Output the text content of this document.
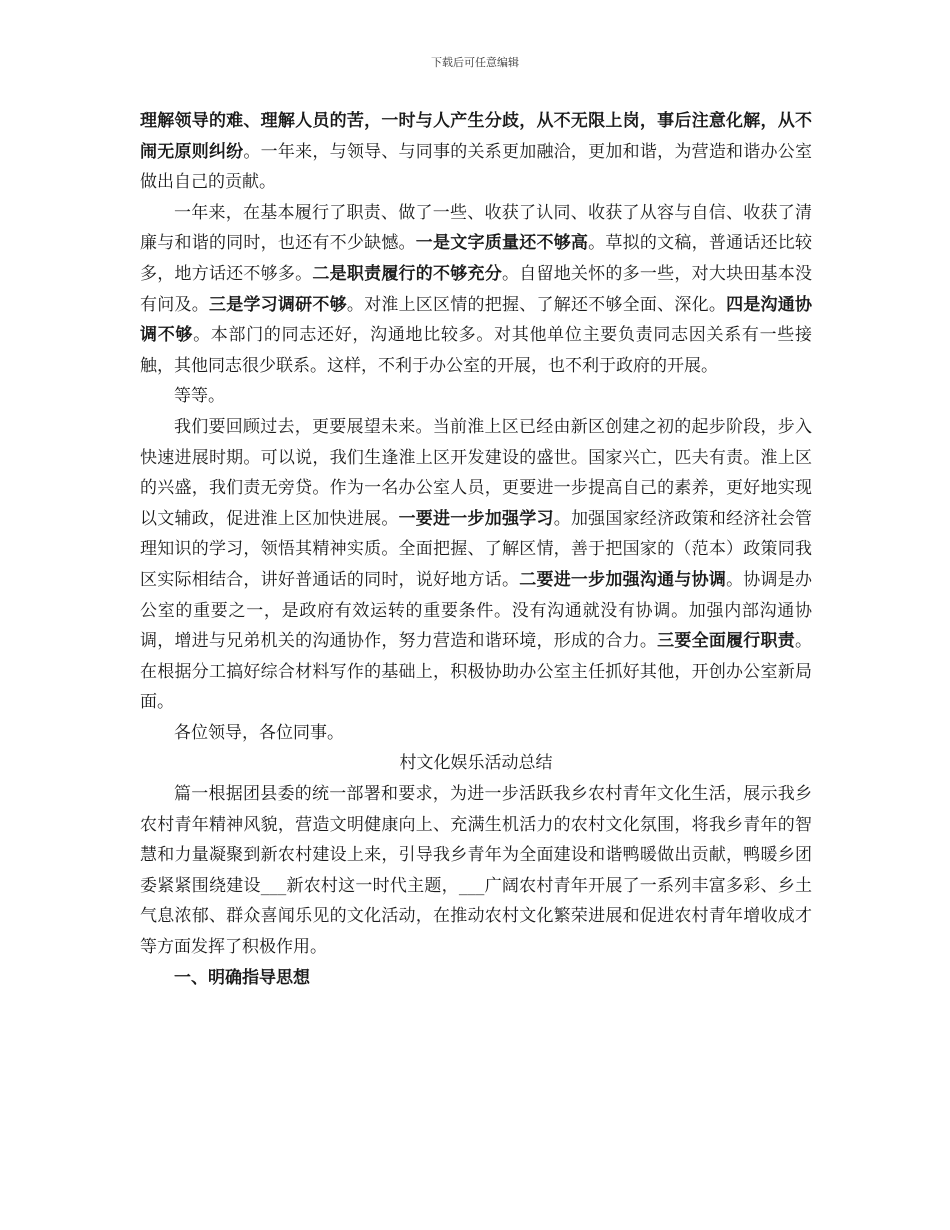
下载后可任意编辑

理解领导的难、理解人员的苦，一时与人产生分歧，从不无限上岗，事后注意化解，从不闹无原则纠纷。一年来，与领导、与同事的关系更加融洽，更加和谐，为营造和谐办公室做出自己的贡献。

一年来，在基本履行了职责、做了一些、收获了认同、收获了从容与自信、收获了清廉与和谐的同时，也还有不少缺憾。一是文字质量还不够高。草拟的文稿，普通话还比较多，地方话还不够多。二是职责履行的不够充分。自留地关怀的多一些，对大块田基本没有问及。三是学习调研不够。对淮上区区情的把握、了解还不够全面、深化。四是沟通协调不够。本部门的同志还好，沟通地比较多。对其他单位主要负责同志因关系有一些接触，其他同志很少联系。这样，不利于办公室的开展，也不利于政府的开展。

等等。

我们要回顾过去，更要展望未来。当前淮上区已经由新区创建之初的起步阶段，步入快速进展时期。可以说，我们生逢淮上区开发建设的盛世。国家兴亡，匹夫有责。淮上区的兴盛，我们责无旁贷。作为一名办公室人员，更要进一步提高自己的素养，更好地实现以文辅政，促进淮上区加快进展。一要进一步加强学习。加强国家经济政策和经济社会管理知识的学习，领悟其精神实质。全面把握、了解区情，善于把国家的（范本）政策同我区实际相结合，讲好普通话的同时，说好地方话。二要进一步加强沟通与协调。协调是办公室的重要之一，是政府有效运转的重要条件。没有沟通就没有协调。加强内部沟通协调，增进与兄弟机关的沟通协作，努力营造和谐环境，形成的合力。三要全面履行职责。在根据分工搞好综合材料写作的基础上，积极协助办公室主任抓好其他，开创办公室新局面。

各位领导，各位同事。

村文化娱乐活动总结

篇一根据团县委的统一部署和要求，为进一步活跃我乡农村青年文化生活，展示我乡农村青年精神风貌，营造文明健康向上、充满生机活力的农村文化氛围，将我乡青年的智慧和力量凝聚到新农村建设上来，引导我乡青年为全面建设和谐鸭暖做出贡献，鸭暖乡团委紧紧围绕建设___新农村这一时代主题，___广阔农村青年开展了一系列丰富多彩、乡土气息浓郁、群众喜闻乐见的文化活动，在推动农村文化繁荣进展和促进农村青年增收成才等方面发挥了积极作用。

一、明确指导思想
